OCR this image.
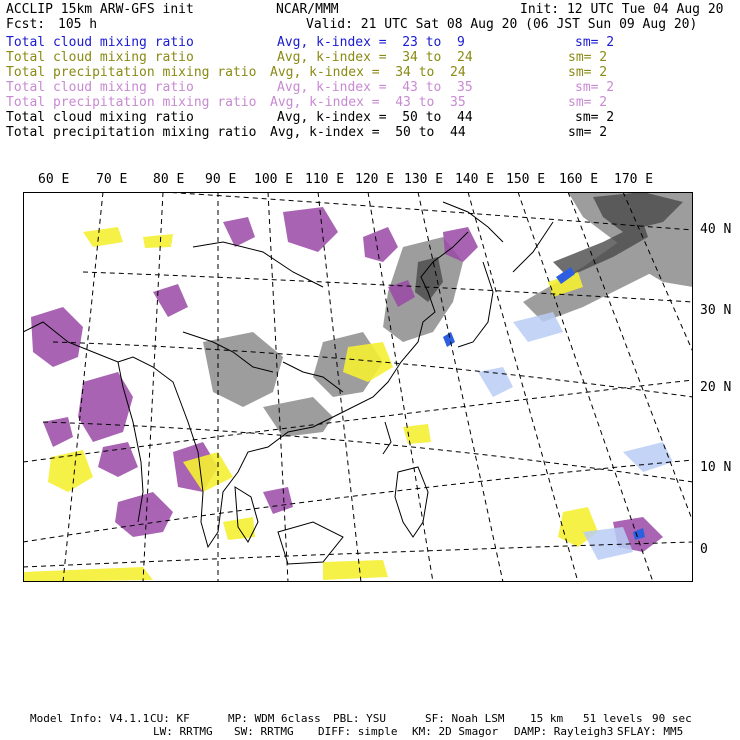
ACCLIP 15km ARW-GFS init	NCAR/MMM	Init: 12 UTC Tue 04 Aug 20
Fcst: 105 h	Valid: 21 UTC Sat 08 Aug 20 (06 JST Sun 09 Aug 20)
Total cloud mixing ratio	Avg, k-index =  23 to  9	sm= 2
Total cloud mixing ratio	Avg, k-index =  34 to  24	sm= 2
Total precipitation mixing ratio Avg, k-index =  34 to  24	sm= 2
Total cloud mixing ratio	Avg, k-index =  43 to  35	sm= 2
Total precipitation mixing ratio Avg, k-index =  43 to  35	sm= 2
Total cloud mixing ratio	Avg, k-index =  50 to  44	sm= 2
Total precipitation mixing ratio Avg, k-index =  50 to  44	sm= 2
60 E 70 E 80 E 90 E 100 E 110 E 120 E 130 E 140 E 150 E 160 E 170 E
40 N
30 N
20 N
10 N
0
Model Info: V4.1.1 CU: KF	MP: WDM 6class PBL: YSU	SF: Noah LSM 15 km 51 levels 90 sec
LW: RRTMG SW: RRTMG DIFF: simple KM: 2D Smagor DAMP: Rayleigh3 SFLAY: MM5
